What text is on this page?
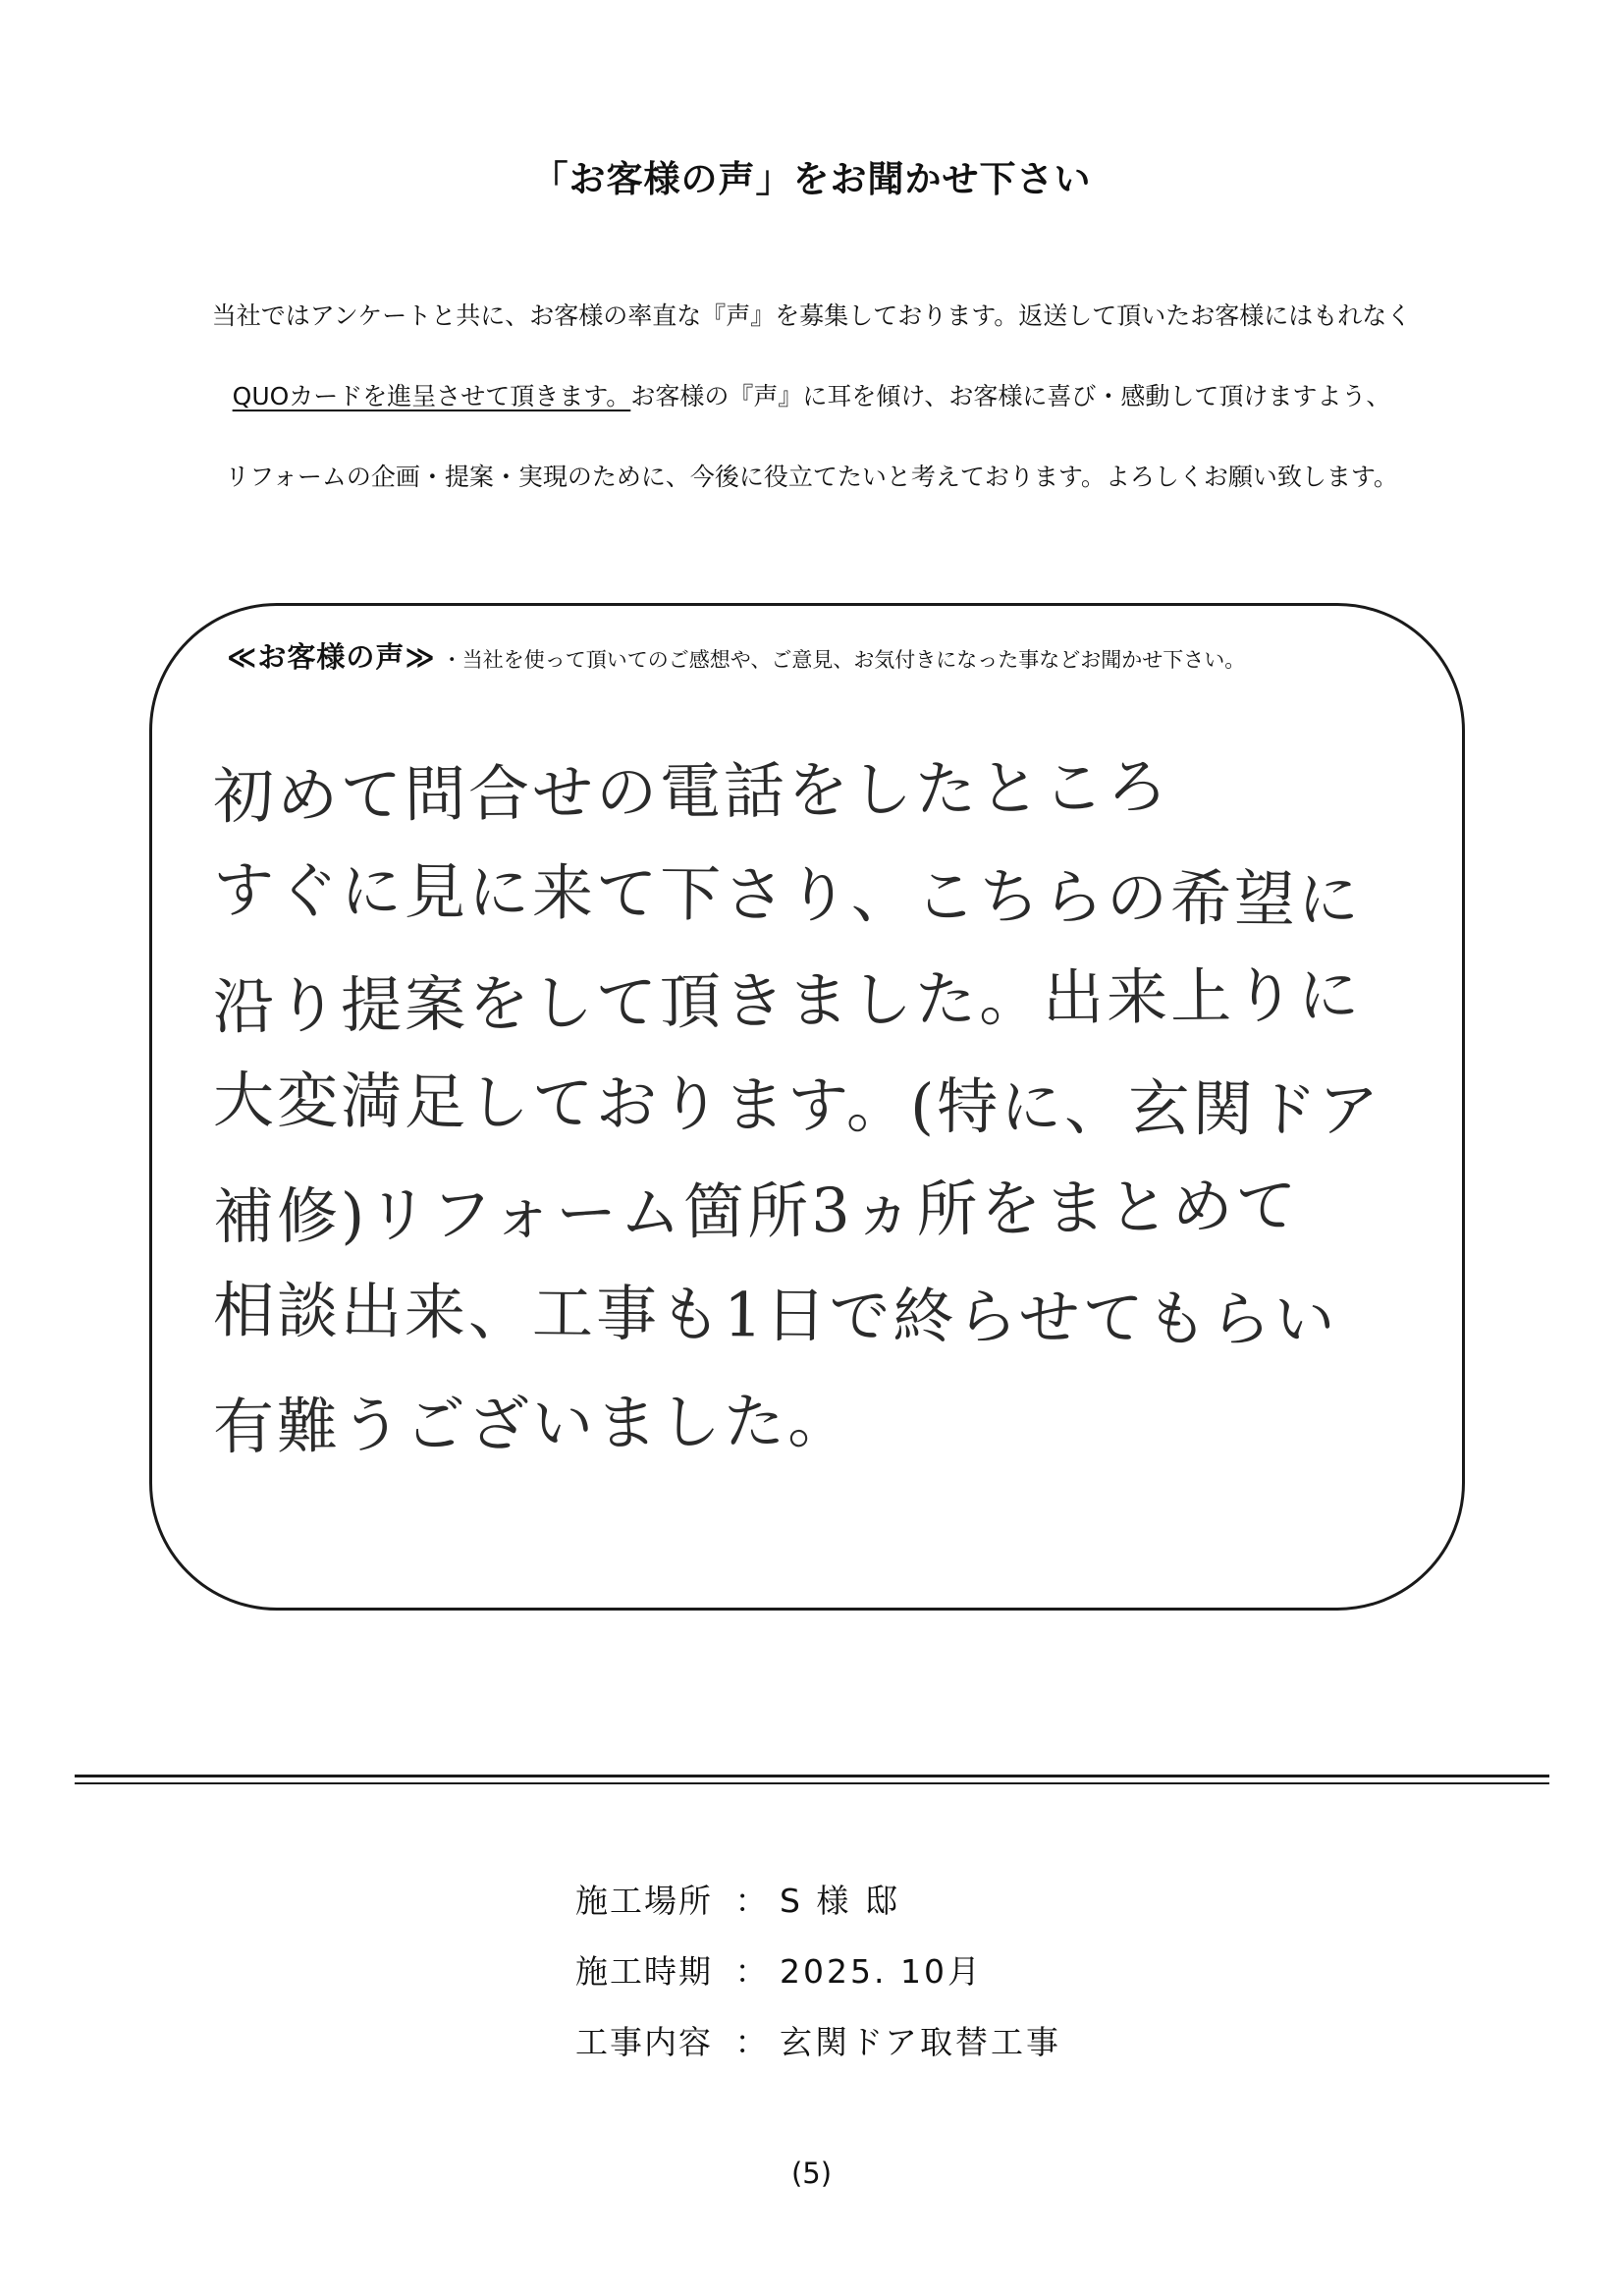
「お客様の声」をお聞かせ下さい
当社ではアンケートと共に、お客様の率直な『声』を募集しております。返送して頂いたお客様にはもれなく
QUOカードを進呈させて頂きます。お客様の『声』に耳を傾け、お客様に喜び・感動して頂けますよう、
リフォームの企画・提案・実現のために、今後に役立てたいと考えております。よろしくお願い致します。
≪お客様の声≫ ・当社を使って頂いてのご感想や、ご意見、お気付きになった事などお聞かせ下さい。
初めて問合せの電話をしたところ
すぐに見に来て下さり、こちらの希望に
沿り提案をして頂きました。出来上りに
大変満足しております。(特に、玄関ドア
補修)リフォーム箇所3ヵ所をまとめて
相談出来、工事も1日で終らせてもらい
有難うございました。
施工場所 ： S 様 邸
施工時期 ： 2025. 10月
工事内容 ： 玄関ドア取替工事
(5)
